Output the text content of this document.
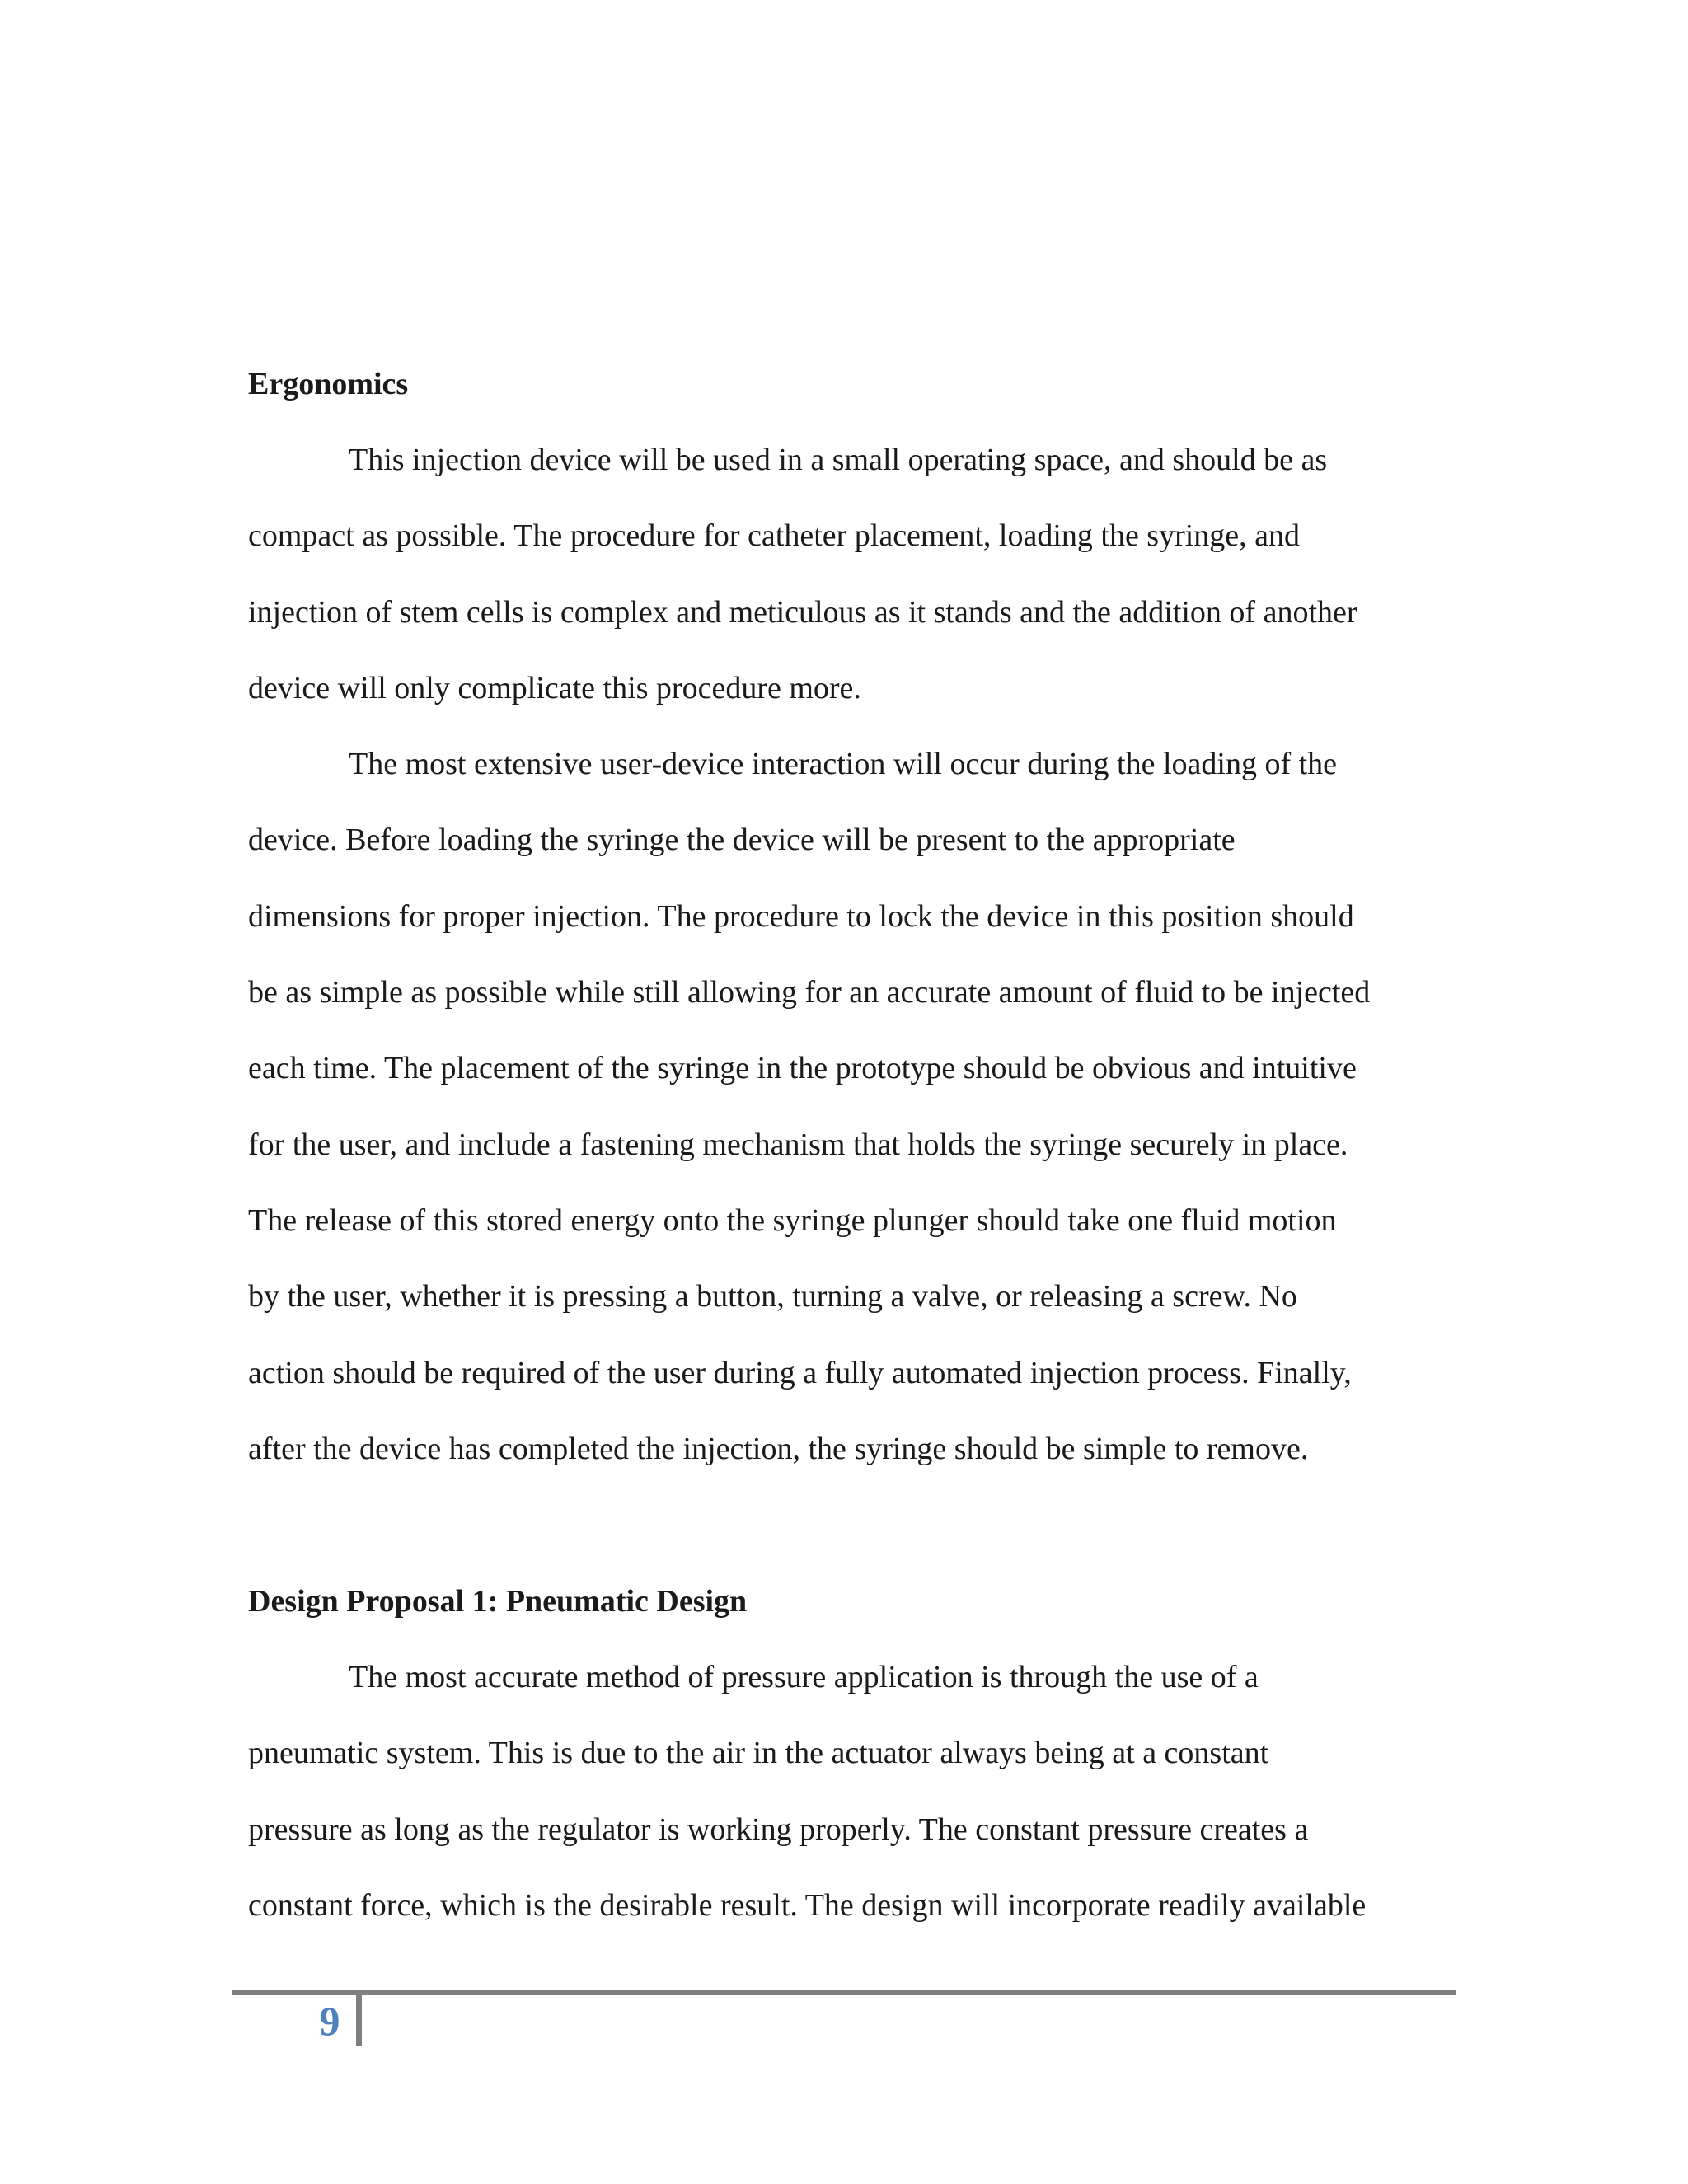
Ergonomics

This injection device will be used in a small operating space, and should be as

compact as possible. The procedure for catheter placement, loading the syringe, and

injection of stem cells is complex and meticulous as it stands and the addition of another

device will only complicate this procedure more.

The most extensive user-device interaction will occur during the loading of the

device. Before loading the syringe the device will be present to the appropriate

dimensions for proper injection. The procedure to lock the device in this position should

be as simple as possible while still allowing for an accurate amount of fluid to be injected

each time. The placement of the syringe in the prototype should be obvious and intuitive

for the user, and include a fastening mechanism that holds the syringe securely in place.

The release of this stored energy onto the syringe plunger should take one fluid motion

by the user, whether it is pressing a button, turning a valve, or releasing a screw. No

action should be required of the user during a fully automated injection process. Finally,

after the device has completed the injection, the syringe should be simple to remove.

Design Proposal 1: Pneumatic Design

The most accurate method of pressure application is through the use of a

pneumatic system. This is due to the air in the actuator always being at a constant

pressure as long as the regulator is working properly. The constant pressure creates a

constant force, which is the desirable result. The design will incorporate readily available

9
